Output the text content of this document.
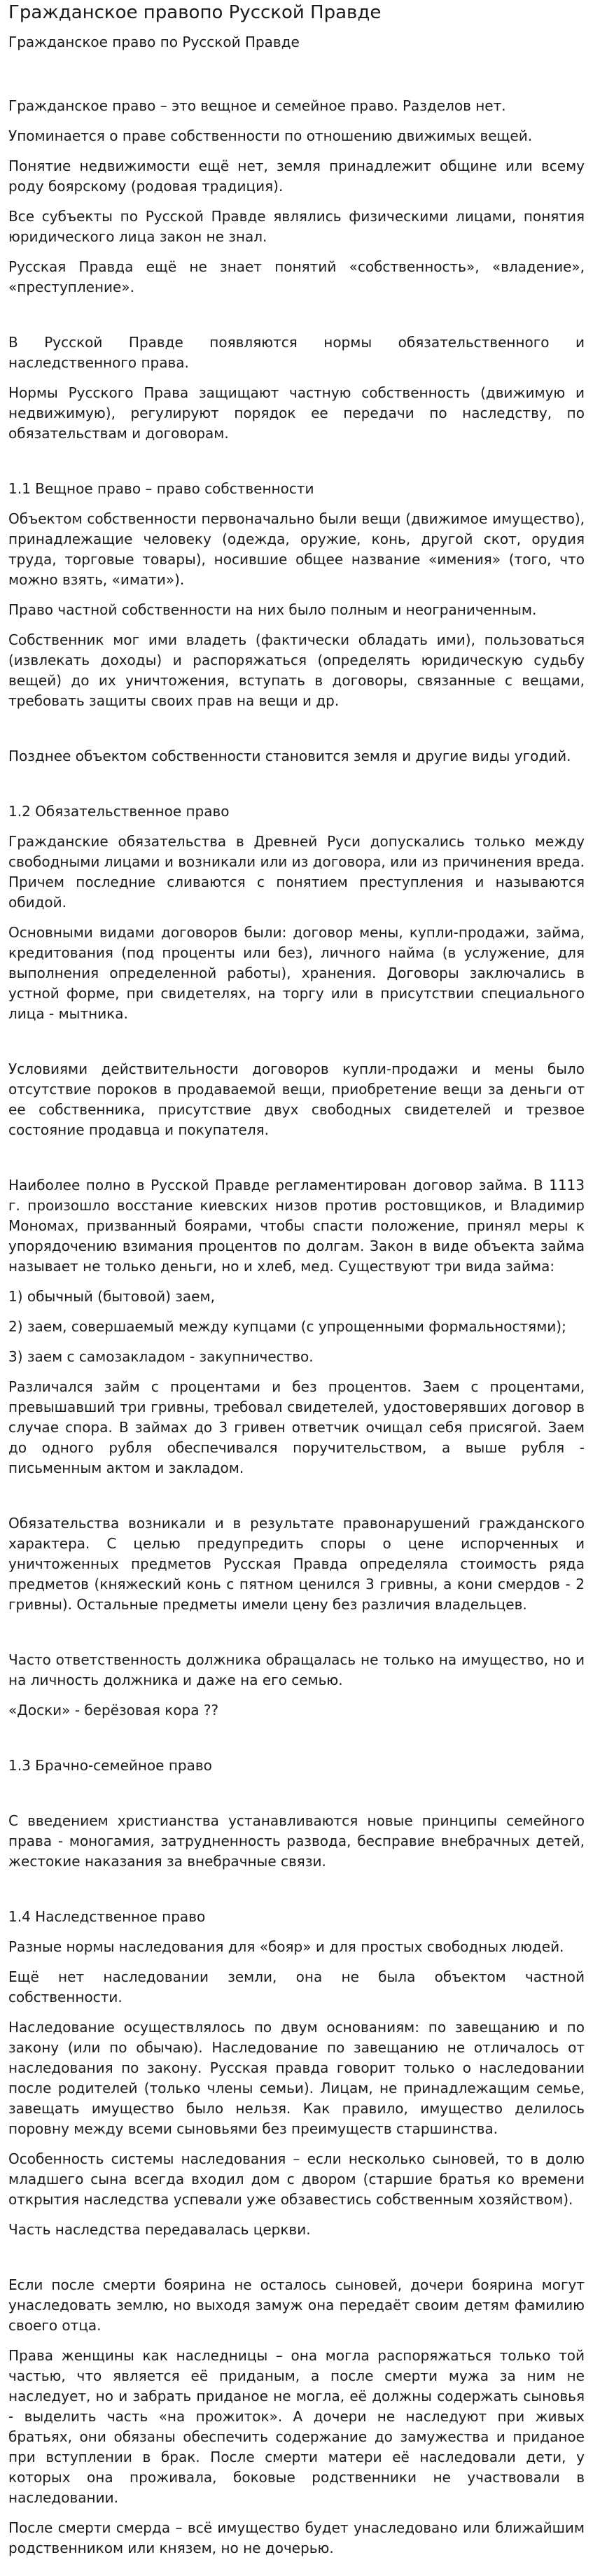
Гражданское правопо Русской Правде
Гражданское право по Русской Правде

Гражданское право – это вещное и семейное право. Разделов нет.

Упоминается о праве собственности по отношению движимых вещей.

Понятие недвижимости ещё нет, земля принадлежит общине или всему роду боярскому (родовая традиция).

Все субъекты по Русской Правде являлись физическими лицами, понятия юридического лица закон не знал.

Русская Правда ещё не знает понятий «собственность», «владение», «преступление».

В Русской Правде появляются нормы обязательственного и наследственного права.

Нормы Русского Права защищают частную собственность (движимую и недвижимую), регулируют порядок ее передачи по наследству, по обязательствам и договорам.

1.1 Вещное право – право собственности

Объектом собственности первоначально были вещи (движимое имущество), принадлежащие человеку (одежда, оружие, конь, другой скот, орудия труда, торговые товары), носившие общее название «имения» (того, что можно взять, «имати»).

Право частной собственности на них было полным и неограниченным.

Собственник мог ими владеть (фактически обладать ими), пользоваться (извлекать доходы) и распоряжаться (определять юридическую судьбу вещей) до их уничтожения, вступать в договоры, связанные с вещами, требовать защиты своих прав на вещи и др.

Позднее объектом собственности становится земля и другие виды угодий.

1.2 Обязательственное право

Гражданские обязательства в Древней Руси допускались только между свободными лицами и возникали или из договора, или из причинения вреда. Причем последние сливаются с понятием преступления и называются обидой.

Основными видами договоров были: договор мены, купли-продажи, займа, кредитования (под проценты или без), личного найма (в услужение, для выполнения определенной работы), хранения. Договоры заключались в устной форме, при свидетелях, на торгу или в присутствии специального лица - мытника.

Условиями действительности договоров купли-продажи и мены было отсутствие пороков в продаваемой вещи, приобретение вещи за деньги от ее собственника, присутствие двух свободных свидетелей и трезвое состояние продавца и покупателя.

Наиболее полно в Русской Правде регламентирован договор займа. В 1113 г. произошло восстание киевских низов против ростовщиков, и Владимир Мономах, призванный боярами, чтобы спасти положение, принял меры к упорядочению взимания процентов по долгам. Закон в виде объекта займа называет не только деньги, но и хлеб, мед. Существуют три вида займа:

1) обычный (бытовой) заем,

2) заем, совершаемый между купцами (с упрощенными формальностями);

3) заем с самозакладом - закупничество.

Различался займ с процентами и без процентов. Заем с процентами, превышавший три гривны, требовал свидетелей, удостоверявших договор в случае спора. В займах до 3 гривен ответчик очищал себя присягой. Заем до одного рубля обеспечивался поручительством, а выше рубля - письменным актом и закладом.

Обязательства возникали и в результате правонарушений гражданского характера. С целью предупредить споры о цене испорченных и уничтоженных предметов Русская Правда определяла стоимость ряда предметов (княжеский конь с пятном ценился 3 гривны, а кони смердов - 2 гривны). Остальные предметы имели цену без различия владельцев.

Часто ответственность должника обращалась не только на имущество, но и на личность должника и даже на его семью.

«Доски» - берёзовая кора ??

1.3 Брачно-семейное право

С введением христианства устанавливаются новые принципы семейного права - моногамия, затрудненность развода, бесправие внебрачных детей, жестокие наказания за внебрачные связи.

1.4 Наследственное право

Разные нормы наследования для «бояр» и для простых свободных людей.

Ещё нет наследовании земли, она не была объектом частной собственности.

Наследование осуществлялось по двум основаниям: по завещанию и по закону (или по обычаю). Наследование по завещанию не отличалось от наследования по закону. Русская правда говорит только о наследовании после родителей (только члены семьи). Лицам, не принадлежащим семье, завещать имущество было нельзя. Как правило, имущество делилось поровну между всеми сыновьями без преимуществ старшинства.

Особенность системы наследования – если несколько сыновей, то в долю младшего сына всегда входил дом с двором (старшие братья ко времени открытия наследства успевали уже обзавестись собственным хозяйством).

Часть наследства передавалась церкви.

Если после смерти боярина не осталось сыновей, дочери боярина могут унаследовать землю, но выходя замуж она передаёт своим детям фамилию своего отца.

Права женщины как наследницы – она могла распоряжаться только той частью, что является её приданым, а после смерти мужа за ним не наследует, но и забрать приданое не могла, её должны содержать сыновья - выделить часть «на прожиток». А дочери не наследуют при живых братьях, они обязаны обеспечить содержание до замужества и приданое при вступлении в брак. После смерти матери её наследовали дети, у которых она проживала, боковые родственники не участвовали в наследовании.

После смерти смерда – всё имущество будет унаследовано или ближайшим родственником или князем, но не дочерью.
